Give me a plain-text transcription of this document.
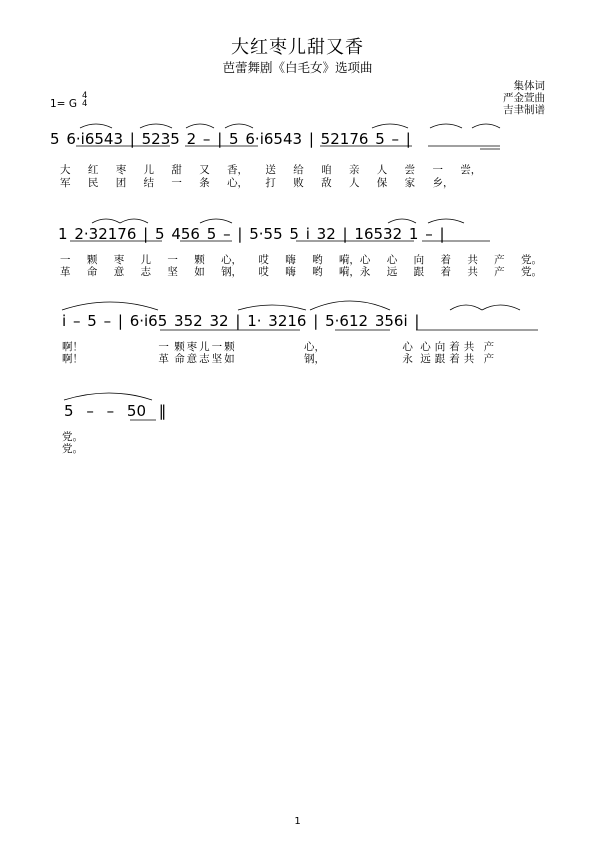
大红枣儿甜又香
芭蕾舞剧《白毛女》选项曲
集体词
严金萱曲
吉聿制谱
1= G
4
4
5 6·i6543 | 5235 2 – | 5 6·i6543 | 52176 5 – |
大 红 枣 儿 甜 又 香， 送 给 咱 亲 人 尝 一 尝，
军 民 团 结 一 条 心， 打 败 敌 人 保 家 乡，
1 2·32176 | 5 456 5 – | 5·55 5 i 32 | 16532 1 – |
一 颗 枣 儿 一 颗 心， 哎 嗨 哟 嗬，心 心 向 着 共 产 党。
革 命 意 志 坚 如 钢， 哎 嗨 哟 嗬，永 远 跟 着 共 产 党。
i – 5 – | 6·i65 352 32 | 1· 3216 | 5·612 356i |
啊！	一 颗枣儿一颗	心，	心 心向着共 产
啊！	革 命意志坚如	钢，	永 远跟着共 产
5 – – 50 ‖
党。
党。
1
